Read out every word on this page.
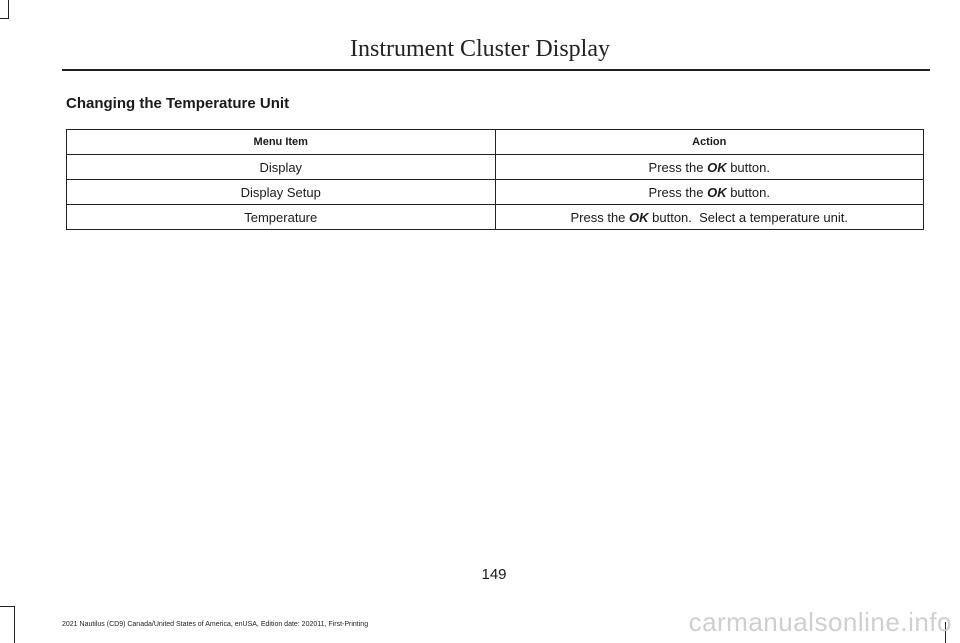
Instrument Cluster Display
Changing the Temperature Unit
Menu Item	Action
Display	Press the OK button.
Display Setup	Press the OK button.
Temperature	Press the OK button.  Select a temperature unit.
149
2021 Nautilus (CD9) Canada/United States of America, enUSA, Edition date: 202011, First-Printing	carmanualsonline.info
